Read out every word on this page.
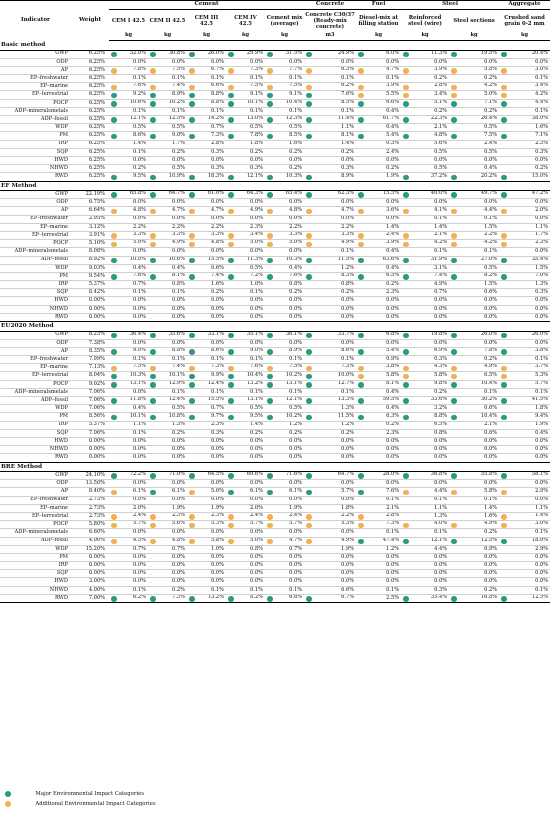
Indicator	Weight	Cement					Concrete	Fuel	Steel		Aggregate
		CEM I 42.5	CEM II 42.5	CEM III 42.5	CEM IV 42.5	Cement mix (average)	Concrete C30/37 (Ready-mix concrete)	Diesel-mix at filling station	Reinforced steel (wire)	Steel sections	Crushed sand grain 0-2 mm
		kg	kg	kg	kg	kg	m3	kg	kg	kg	kg
Basic method											
GWP	6.25%	32.0%	30.8%	26.0%	29.9%	31.5%	24.9%	6.0%	11.3%	19.5%	20.4%
ODP	6.25%	0.0%	0.0%	0.0%	0.0%	0.0%	0.0%	0.0%	0.0%	0.0%	0.0%
AP	6.25%	7.8%	7.5%	6.7%	7.3%	7.7%	6.3%	4.7%	3.9%	5.8%	3.0%
EP–freshwater	6.25%	0.1%	0.1%	0.1%	0.1%	0.1%	0.1%	0.1%	0.2%	0.2%	0.1%
EP–marine	6.25%	7.6%	7.4%	6.6%	7.5%	7.5%	6.2%	3.9%	2.8%	4.2%	3.4%
EP–terrestrial	6.25%	9.2%	8.9%	8.8%	9.1%	9.1%	7.6%	5.5%	3.4%	5.0%	4.2%
POCP	6.25%	10.6%	10.2%	8.8%	10.1%	10.4%	8.5%	6.6%	5.1%	7.1%	4.4%
ADP–mineralsmetals	6.25%	0.1%	0.1%	0.1%	0.1%	0.1%	0.1%	0.4%	0.2%	0.2%	0.1%
ADP–fossil	6.25%	12.1%	12.5%	14.2%	13.0%	12.3%	11.4%	61.7%	22.3%	26.4%	38.0%
WDP	6.25%	0.5%	0.5%	0.7%	0.5%	0.5%	1.1%	0.4%	2.1%	0.5%	1.6%
PM	6.25%	8.6%	9.0%	7.3%	7.8%	8.5%	8.1%	5.4%	4.8%	7.5%	7.1%
IRP	6.25%	1.4%	1.7%	2.8%	1.8%	1.6%	1.4%	0.3%	5.6%	2.4%	2.3%
SQP	6.25%	0.1%	0.2%	0.3%	0.2%	0.2%	0.2%	2.4%	0.5%	0.5%	0.3%
HWD	6.25%	0.0%	0.0%	0.0%	0.0%	0.0%	0.0%	0.0%	0.0%	0.0%	0.0%
NHWD	6.25%	0.2%	0.5%	0.3%	0.3%	0.2%	0.3%	0.2%	0.5%	0.4%	0.2%
RWD	6.25%	9.5%	10.9%	18.3%	12.1%	10.3%	8.9%	1.9%	37.2%	20.2%	15.0%
EF Method											
GWP	22.19%	65.8%	64.7%	61.0%	64.3%	65.4%	62.3%	15.5%	40.0%	49.7%	47.2%
ODP	6.75%	0.0%	0.0%	0.0%	0.0%	0.0%	0.0%	0.0%	0.0%	0.0%	0.0%
AP	6.64%	4.8%	4.7%	4.7%	4.9%	4.8%	4.7%	3.6%	4.1%	4.4%	2.0%
EP–freshwater	2.95%	0.0%	0.0%	0.0%	0.0%	0.0%	0.0%	0.0%	0.1%	0.1%	0.0%
EP–marine	3.12%	2.2%	2.2%	2.2%	2.3%	2.2%	2.2%	1.4%	1.4%	1.5%	1.1%
EP–terrestrial	3.91%	3.3%	3.3%	3.3%	3.4%	3.3%	3.3%	2.4%	2.1%	2.2%	1.7%
POCP	5.10%	5.0%	4.9%	4.8%	5.0%	5.0%	4.9%	3.9%	4.2%	4.2%	2.3%
ADP–mineralsmetals	8.08%	0.0%	0.0%	0.0%	0.0%	0.0%	0.1%	0.4%	0.1%	0.1%	0.0%
ADP–fossil	8.92%	10.0%	10.6%	15.5%	11.3%	10.3%	11.5%	63.6%	31.9%	27.0%	35.4%
WDP	9.03%	0.4%	0.4%	0.6%	0.5%	0.4%	1.2%	0.4%	3.1%	0.5%	1.5%
PM	9.54%	7.6%	8.1%	7.4%	7.2%	7.6%	8.3%	6.5%	7.4%	8.2%	7.0%
IRP	5.37%	0.7%	0.8%	1.6%	1.0%	0.8%	0.8%	0.2%	4.9%	1.5%	1.3%
SQP	8.42%	0.1%	0.1%	0.2%	0.1%	0.2%	0.2%	2.3%	0.7%	0.6%	0.3%
HWD	0.00%	0.0%	0.0%	0.0%	0.0%	0.0%	0.0%	0.0%	0.0%	0.0%	0.0%
NHWD	0.00%	0.0%	0.0%	0.0%	0.0%	0.0%	0.0%	0.0%	0.0%	0.0%	0.0%
RWD	0.00%	0.0%	0.0%	0.0%	0.0%	0.0%	0.0%	0.0%	0.0%	0.0%	0.0%
EU2020 Method											
GWP	8.23%	36.4%	35.6%	33.1%	35.1%	36.1%	33.7%	6.8%	19.8%	26.0%	26.0%
ODP	7.38%	0.0%	0.0%	0.0%	0.0%	0.0%	0.0%	0.0%	0.0%	0.0%	0.0%
AP	8.35%	9.0%	8.8%	8.6%	9.0%	8.9%	8.6%	5.4%	6.9%	7.8%	3.8%
EP–freshwater	7.99%	0.1%	0.1%	0.1%	0.1%	0.1%	0.1%	0.9%	0.3%	0.2%	0.1%
EP–marine	7.13%	7.5%	7.4%	7.3%	7.6%	7.5%	7.3%	3.8%	4.3%	4.9%	3.7%
EP–terrestrial	8.04%	10.3%	10.1%	9.9%	10.4%	10.2%	10.0%	5.8%	5.8%	6.5%	5.3%
POCP	9.02%	13.1%	12.9%	12.4%	13.2%	13.1%	12.7%	8.1%	9.8%	10.4%	5.7%
ADP–mineralsmetals	7.06%	0.0%	0.1%	0.1%	0.1%	0.1%	0.1%	0.4%	0.2%	0.1%	0.1%
ADP–fossil	7.06%	11.8%	12.4%	15.5%	13.1%	12.1%	13.3%	59.5%	33.6%	30.2%	41.5%
WDP	7.06%	0.4%	0.5%	0.7%	0.5%	0.5%	1.3%	0.4%	3.2%	0.6%	1.8%
PM	8.56%	10.1%	10.8%	9.7%	9.5%	10.2%	11.5%	6.3%	8.8%	10.4%	9.4%
IRP	5.37%	1.1%	1.3%	2.3%	1.4%	1.2%	1.2%	0.2%	6.5%	2.1%	1.9%
SQP	7.06%	0.1%	0.2%	0.3%	0.2%	0.2%	0.2%	2.3%	0.8%	0.6%	0.4%
HWD	0.00%	0.0%	0.0%	0.0%	0.0%	0.0%	0.0%	0.0%	0.0%	0.0%	0.0%
NHWD	0.00%	0.0%	0.0%	0.0%	0.0%	0.0%	0.0%	0.0%	0.0%	0.0%	0.0%
RWD	0.00%	0.0%	0.0%	0.0%	0.0%	0.0%	0.0%	0.0%	0.0%	0.0%	0.0%
BRE Method											
GWP	24.10%	72.2%	71.0%	64.5%	69.6%	71.6%	64.7%	28.0%	36.8%	55.8%	58.1%
ODP	13.50%	0.0%	0.0%	0.0%	0.0%	0.0%	0.0%	0.0%	0.0%	0.0%	0.0%
AP	8.40%	6.1%	6.1%	5.6%	6.1%	6.1%	5.7%	7.6%	4.4%	5.8%	2.9%
EP–freshwater	2.73%	0.0%	0.0%	0.0%	0.0%	0.0%	0.0%	0.1%	0.1%	0.1%	0.0%
EP–marine	2.73%	2.0%	1.9%	1.9%	2.0%	1.9%	1.8%	2.1%	1.1%	1.4%	1.1%
EP–terrestrial	2.73%	2.4%	2.3%	2.3%	2.4%	2.4%	2.2%	2.8%	1.3%	1.6%	1.4%
POCP	5.80%	5.7%	5.6%	5.3%	5.7%	5.7%	5.3%	7.3%	4.0%	4.9%	3.0%
ADP–mineralsmetals	6.60%	0.0%	0.0%	0.0%	0.0%	0.0%	0.0%	0.1%	0.1%	0.2%	0.1%
ADP–fossil	4.00%	4.5%	4.8%	5.8%	5.0%	4.7%	4.9%	47.4%	12.1%	12.5%	18.0%
WDP	15.20%	0.7%	0.7%	1.0%	0.8%	0.7%	1.9%	1.2%	4.4%	0.9%	2.9%
PM	0.00%	0.0%	0.0%	0.0%	0.0%	0.0%	0.0%	0.0%	0.0%	0.0%	0.0%
IRP	0.00%	0.0%	0.0%	0.0%	0.0%	0.0%	0.0%	0.0%	0.0%	0.0%	0.0%
SQP	0.00%	0.0%	0.0%	0.0%	0.0%	0.0%	0.0%	0.0%	0.0%	0.0%	0.0%
HWD	3.00%	0.0%	0.0%	0.0%	0.0%	0.0%	0.0%	0.0%	0.0%	0.0%	0.0%
NHWD	4.00%	0.1%	0.2%	0.1%	0.1%	0.1%	6.6%	0.1%	0.3%	0.2%	0.1%
RWD	7.00%	6.2%	7.3%	13.2%	8.2%	6.8%	6.7%	2.5%	35.4%	16.8%	12.5%
Major Environmental Impact Categories
Additional Environmental Impact Categories
